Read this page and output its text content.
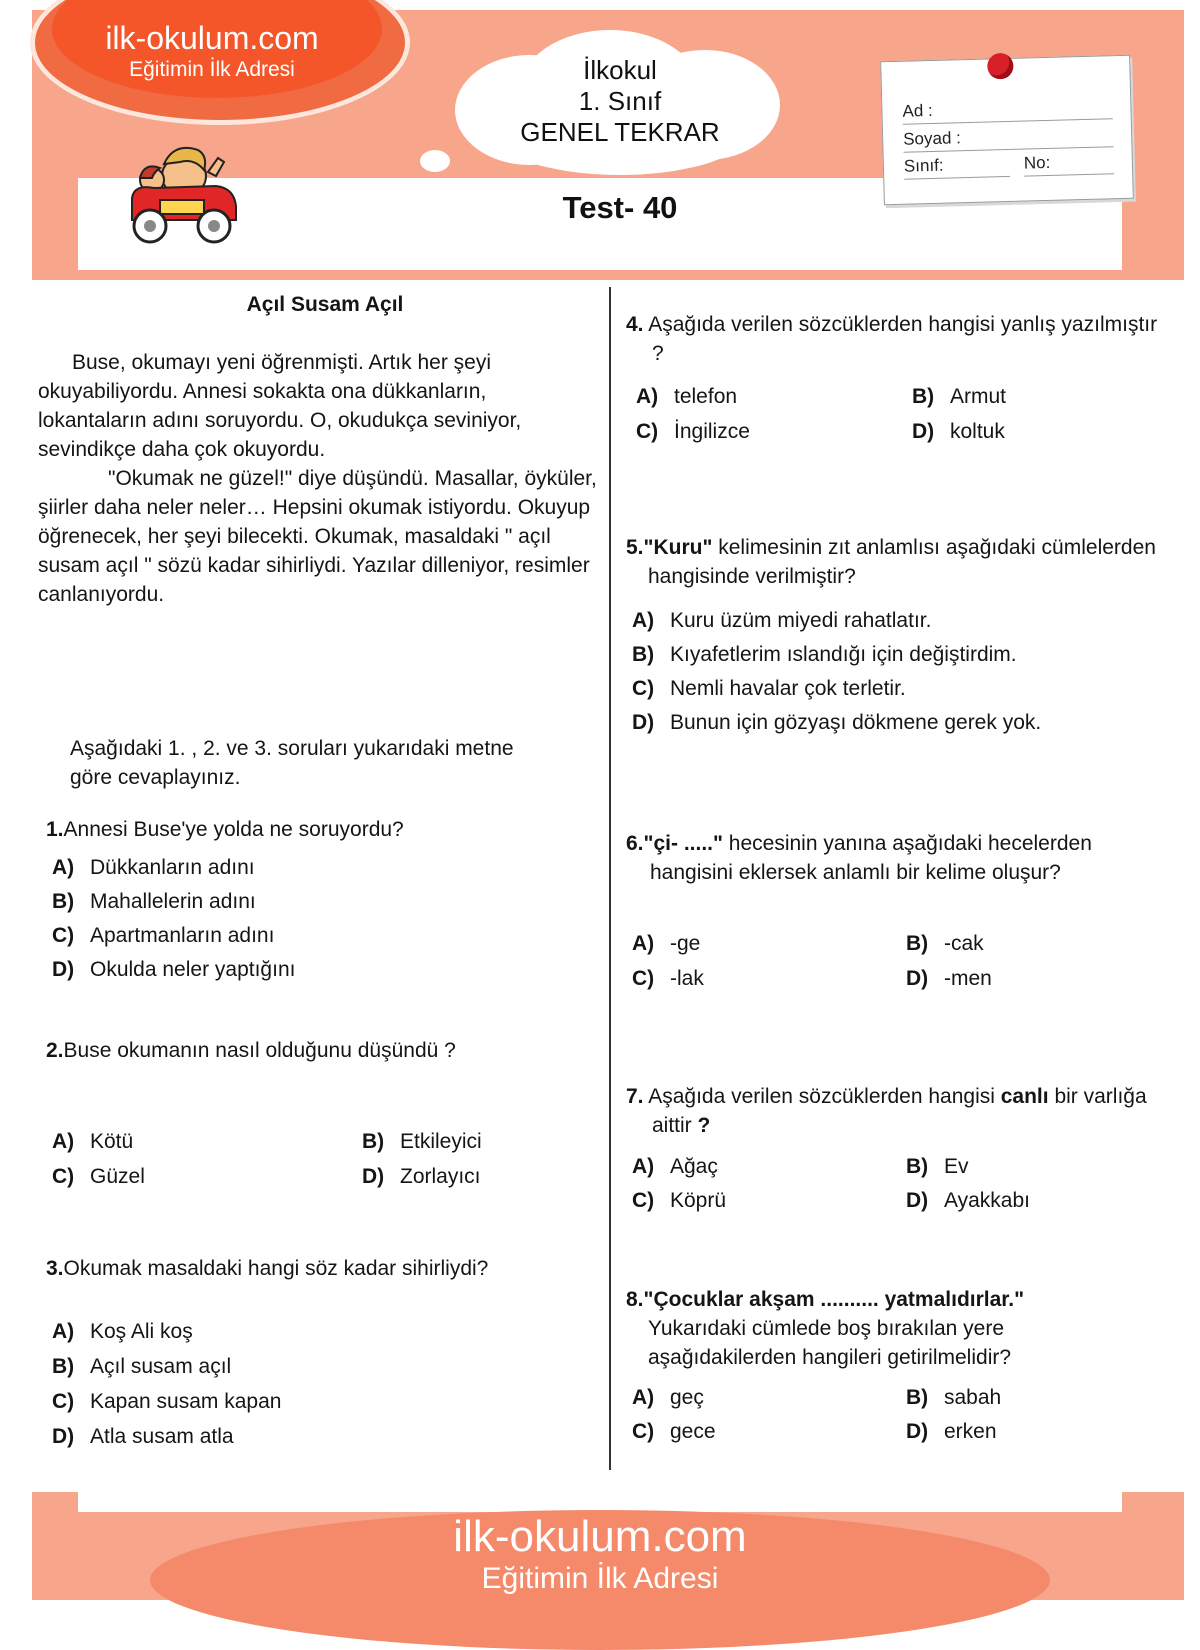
ilk-okulum.com
Eğitimin İlk Adresi	İlkokul
1. Sınıf
GENEL TEKRAR
Ad :
Soyad :
Sınıf:	No:
Test- 40
Açıl Susam Açıl
Buse, okumayı yeni öğrenmişti. Artık her şeyi okuyabiliyordu. Annesi sokakta ona dükkanların, lokantaların adını soruyordu. O, okudukça seviniyor, sevindikçe daha çok okuyordu.
"Okumak ne güzel!" diye düşündü. Masallar, öyküler, şiirler daha neler neler… Hepsini okumak istiyordu. Okuyup öğrenecek, her şeyi bilecekti. Okumak, masaldaki " açıl susam açıl " sözü kadar sihirliydi. Yazılar dilleniyor, resimler canlanıyordu.
Aşağıdaki 1. , 2. ve 3. soruları yukarıdaki metne göre cevaplayınız.
1.Annesi Buse'ye yolda ne soruyordu?
A) Dükkanların adını
B) Mahallelerin adını
C) Apartmanların adını
D) Okulda neler yaptığını
2.Buse okumanın nasıl olduğunu düşündü ?
A) Kötü	B) Etkileyici
C) Güzel	D) Zorlayıcı
3.Okumak masaldaki hangi söz kadar sihirliydi?
A) Koş Ali koş
B) Açıl susam açıl
C) Kapan susam kapan
D) Atla susam atla
4. Aşağıda verilen sözcüklerden hangisi yanlış yazılmıştır ?
A) telefon	B) Armut
C) İngilizce	D) koltuk
5."Kuru" kelimesinin zıt anlamlısı aşağıdaki cümlelerden hangisinde verilmiştir?
A) Kuru üzüm miyedi rahatlatır.
B) Kıyafetlerim ıslandığı için değiştirdim.
C) Nemli havalar çok terletir.
D) Bunun için gözyaşı dökmene gerek yok.
6."çi- ....." hecesinin yanına aşağıdaki hecelerden hangisini eklersek anlamlı bir kelime oluşur?
A) -ge	B) -cak
C) -lak	D) -men
7. Aşağıda verilen sözcüklerden hangisi canlı bir varlığa aittir ?
A) Ağaç	B) Ev
C) Köprü	D) Ayakkabı
8."Çocuklar akşam .......... yatmalıdırlar."
Yukarıdaki cümlede boş bırakılan yere aşağıdakilerden hangileri getirilmelidir?
A) geç	B) sabah
C) gece	D) erken
ilk-okulum.com
Eğitimin İlk Adresi
